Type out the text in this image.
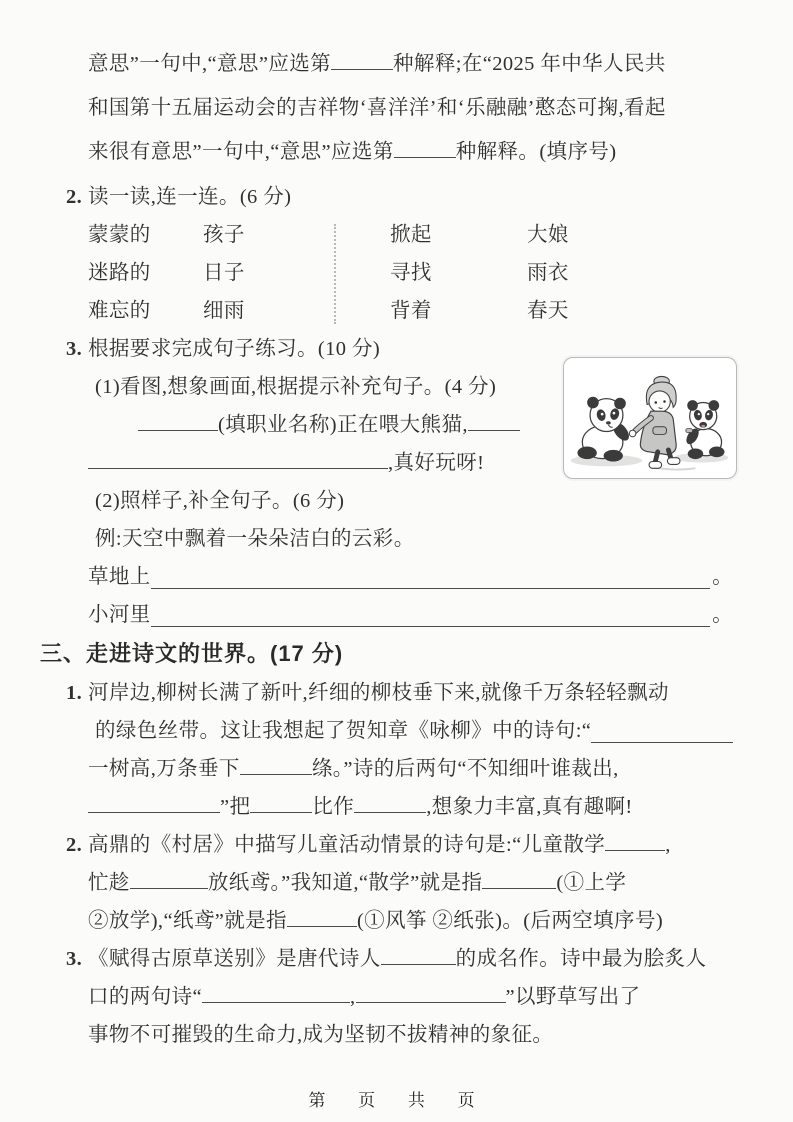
意思”一句中,“意思”应选第	种解释;在“2025 年中华人民共
和国第十五届运动会的吉祥物‘喜洋洋’和‘乐融融’憨态可掬,看起
来很有意思”一句中,“意思”应选第	种解释。(填序号)
2. 读一读,连一连。(6 分)
蒙蒙的	孩子	掀起	大娘
迷路的	日子	寻找	雨衣
难忘的	细雨	背着	春天
3. 根据要求完成句子练习。(10 分)
(1)看图,想象画面,根据提示补充句子。(4 分)
(填职业名称)正在喂大熊猫,
,真好玩呀!
(2)照样子,补全句子。(6 分)
例:天空中飘着一朵朵洁白的云彩。
草地上	。
小河里	。
三、走进诗文的世界。(17 分)
1. 河岸边,柳树长满了新叶,纤细的柳枝垂下来,就像千万条轻轻飘动
的绿色丝带。这让我想起了贺知章《咏柳》中的诗句:“
一树高,万条垂下	绦。”诗的后两句“不知细叶谁裁出,
”把	比作	,想象力丰富,真有趣啊!
2. 高鼎的《村居》中描写儿童活动情景的诗句是:“儿童散学	,
忙趁	放纸鸢。”我知道,“散学”就是指	(①上学
②放学),“纸鸢”就是指	(①风筝 ②纸张)。(后两空填序号)
3. 《赋得古原草送别》是唐代诗人	的成名作。诗中最为脍炙人
口的两句诗“	,	”以野草写出了
事物不可摧毁的生命力,成为坚韧不拔精神的象征。
第 页 共 页
